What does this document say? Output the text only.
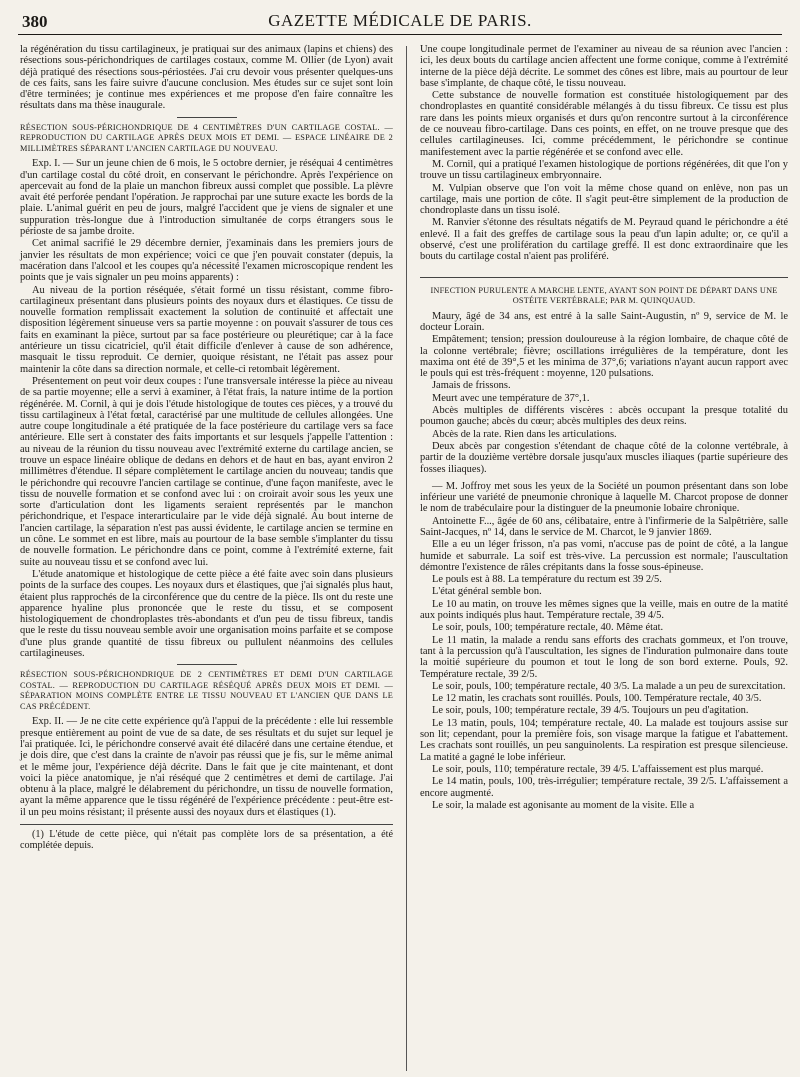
380	GAZETTE MÉDICALE DE PARIS.

la régénération du tissu cartilagineux, je pratiquai sur des animaux (lapins et chiens) des résections sous-périchondriques de cartilages costaux, comme M. Ollier (de Lyon) avait déjà pratiqué des résections sous-périostées. J'ai cru devoir vous présenter quelques-uns de ces faits, sans les faire suivre d'aucune conclusion. Mes études sur ce sujet sont loin d'être terminées; je continue mes expériences et me propose d'en faire connaître les résultats dans ma thèse inaugurale.

RÉSECTION SOUS-PÉRICHONDRIQUE DE 4 CENTIMÈTRES D'UN CARTILAGE COSTAL. — REPRODUCTION DU CARTILAGE APRÈS DEUX MOIS ET DEMI. — ESPACE LINÉAIRE DE 2 MILLIMÈTRES SÉPARANT L'ANCIEN CARTILAGE DU NOUVEAU.

Exp. I. — Sur un jeune chien de 6 mois, le 5 octobre dernier, je réséquai 4 centimètres d'un cartilage costal du côté droit, en conservant le périchondre. Après l'expérience on apercevait au fond de la plaie un manchon fibreux aussi complet que possible. La plèvre avait été perforée pendant l'opération. Je rapprochai par une suture exacte les bords de la plaie. L'animal guérit en peu de jours, malgré l'accident que je viens de signaler et une suppuration très-longue due à l'introduction simultanée de corps étrangers sous le périoste de sa jambe droite.

Cet animal sacrifié le 29 décembre dernier, j'examinais dans les premiers jours de janvier les résultats de mon expérience; voici ce que j'en pouvait constater (depuis, la macération dans l'alcool et les coupes qu'a nécessité l'examen microscopique rendent les points que je vais signaler un peu moins apparents) :

Au niveau de la portion réséquée, s'était formé un tissu résistant, comme fibro-cartilagineux présentant dans plusieurs points des noyaux durs et élastiques. Ce tissu de nouvelle formation remplissait exactement la solution de continuité et affectait une disposition légèrement sinueuse vers sa partie moyenne : on pouvait s'assurer de tous ces faits en examinant la pièce, surtout par sa face postérieure ou pleurétique; car à la face antérieure un tissu cicatriciel, qu'il était difficile d'enlever à cause de son adhérence, masquait le tissu reproduit. Ce dernier, quoique résistant, ne l'était pas assez pour maintenir la côte dans sa direction normale, et celle-ci retombait légèrement.

Présentement on peut voir deux coupes : l'une transversale intéresse la pièce au niveau de sa partie moyenne; elle a servi à examiner, à l'état frais, la nature intime de la portion régénérée. M. Cornil, à qui je dois l'étude histologique de toutes ces pièces, y a trouvé du tissu cartilagineux à l'état fœtal, caractérisé par une multitude de cellules allongées. Une autre coupe longitudinale a été pratiquée de la face postérieure du cartilage vers sa face antérieure. Elle sert à constater des faits importants et sur lesquels j'appelle l'attention : au niveau de la réunion du tissu nouveau avec l'extrémité externe du cartilage ancien, se trouve un espace linéaire oblique de dedans en dehors et de haut en bas, ayant environ 2 millimètres d'étendue. Il sépare complètement le cartilage ancien du nouveau; tandis que le périchondre qui recouvre l'ancien cartilage se continue, d'une façon manifeste, avec le tissu de nouvelle formation et se confond avec lui : on croirait avoir sous les yeux une sorte d'articulation dont les ligaments seraient représentés par le manchon périchondrique, et l'espace interarticulaire par le vide déjà signalé. Au bout interne de l'ancien cartilage, la séparation n'est pas aussi évidente, le cartilage ancien se termine en un cône. Le sommet en est libre, mais au pourtour de la base semble s'implanter du tissu de nouvelle formation. Le périchondre dans ce point, comme à l'extrémité externe, fait suite au nouveau tissu et se confond avec lui.

L'étude anatomique et histologique de cette pièce a été faite avec soin dans plusieurs points de la surface des coupes. Les noyaux durs et élastiques, que j'ai signalés plus haut, étaient plus rapprochés de la circonférence que du centre de la pièce. Ils ont du reste une apparence hyaline plus prononcée que le reste du tissu, et se composent histologiquement de chondroplastes très-abondants et d'un peu de tissu fibreux, tandis que le reste du tissu nouveau semble avoir une organisation moins parfaite et se compose d'une plus grande quantité de tissu fibreux ou pullulent néanmoins des cellules cartilagineuses.

RÉSECTION SOUS-PÉRICHONDRIQUE DE 2 CENTIMÈTRES ET DEMI D'UN CARTILAGE COSTAL. — REPRODUCTION DU CARTILAGE RÉSÉQUÉ APRÈS DEUX MOIS ET DEMI. — SÉPARATION MOINS COMPLÈTE ENTRE LE TISSU NOUVEAU ET L'ANCIEN QUE DANS LE CAS PRÉCÉDENT.

Exp. II. — Je ne cite cette expérience qu'à l'appui de la précédente : elle lui ressemble presque entièrement au point de vue de sa date, de ses résultats et du sujet sur lequel je l'ai pratiquée. Ici, le périchondre conservé avait été dilacéré dans une certaine étendue, et je dois dire, que c'est dans la crainte de n'avoir pas réussi que je fis, sur le même animal et le même jour, l'expérience déjà décrite. Dans le fait que je cite maintenant, et dont voici la pièce anatomique, je n'ai réséqué que 2 centimètres et demi de cartilage. J'ai obtenu à la place, malgré le délabrement du périchondre, un tissu de nouvelle formation, ayant la même apparence que le tissu régénéré de l'expérience précédente : peut-être est-il un peu moins résistant; il présente aussi des noyaux durs et élastiques (1).

(1) L'étude de cette pièce, qui n'était pas complète lors de sa présentation, a été complétée depuis.

Une coupe longitudinale permet de l'examiner au niveau de sa réunion avec l'ancien : ici, les deux bouts du cartilage ancien affectent une forme conique, comme à l'extrémité interne de la pièce déjà décrite. Le sommet des cônes est libre, mais au pourtour de leur base s'implante, de chaque côté, le tissu nouveau.

Cette substance de nouvelle formation est constituée histologiquement par des chondroplastes en quantité considérable mélangés à du tissu fibreux. Ce tissu est plus rare dans les points mieux organisés et durs qu'on rencontre surtout à la circonférence de ce nouveau fibro-cartilage. Dans ces points, en effet, on ne trouve presque que des cellules cartilagineuses. Ici, comme précédemment, le périchondre se continue manifestement avec la partie régénérée et se confond avec elle.

M. Cornil, qui a pratiqué l'examen histologique de portions régénérées, dit que l'on y trouve un tissu cartilagineux embryonnaire.

M. Vulpian observe que l'on voit la même chose quand on enlève, non pas un cartilage, mais une portion de côte. Il s'agit peut-être simplement de la production de chondroplaste dans un tissu isolé.

M. Ranvier s'étonne des résultats négatifs de M. Peyraud quand le périchondre a été enlevé. Il a fait des greffes de cartilage sous la peau d'un lapin adulte; or, ce qu'il a observé, c'est une prolifération du cartilage greffé. Il est donc extraordinaire que les bouts du cartilage costal n'aient pas proliféré.

INFECTION PURULENTE A MARCHE LENTE, AYANT SON POINT DE DÉPART DANS UNE OSTÉITE VERTÉBRALE; PAR M. QUINQUAUD.

Maury, âgé de 34 ans, est entré à la salle Saint-Augustin, nº 9, service de M. le docteur Lorain.

Empâtement; tension; pression douloureuse à la région lombaire, de chaque côté de la colonne vertébrale; fièvre; oscillations irrégulières de la température, dont les maxima ont été de 39°,5 et les minima de 37°,6; variations n'ayant aucun rapport avec le pouls qui est très-fréquent : moyenne, 120 pulsations.

Jamais de frissons.

Meurt avec une température de 37°,1.

Abcès multiples de différents viscères : abcès occupant la presque totalité du poumon gauche; abcès du cœur; abcès multiples des deux reins.

Abcès de la rate. Rien dans les articulations.

Deux abcès par congestion s'étendant de chaque côté de la colonne vertébrale, à partir de la douzième vertèbre dorsale jusqu'aux muscles iliaques (partie supérieure des fosses iliaques).

— M. Joffroy met sous les yeux de la Société un poumon présentant dans son lobe inférieur une variété de pneumonie chronique à laquelle M. Charcot propose de donner le nom de trabéculaire pour la distinguer de la pneumonie lobaire chronique.

Antoinette F..., âgée de 60 ans, célibataire, entre à l'infirmerie de la Salpêtrière, salle Saint-Jacques, nº 14, dans le service de M. Charcot, le 9 janvier 1869.

Elle a eu un léger frisson, n'a pas vomi, n'accuse pas de point de côté, a la langue humide et saburrale. La soif est très-vive. La percussion est normale; l'auscultation démontre l'existence de râles crépitants dans la fosse sous-épineuse.

Le pouls est à 88. La température du rectum est 39 2/5.

L'état général semble bon.

Le 10 au matin, on trouve les mêmes signes que la veille, mais en outre de la matité aux points indiqués plus haut. Température rectale, 39 4/5.

Le soir, pouls, 100; température rectale, 40. Même état.

Le 11 matin, la malade a rendu sans efforts des crachats gommeux, et l'on trouve, tant à la percussion qu'à l'auscultation, les signes de l'induration pulmonaire dans toute la moitié supérieure du poumon et tout le long de son bord externe. Pouls, 92. Température rectale, 39 2/5.

Le soir, pouls, 100; température rectale, 40 3/5. La malade a un peu de surexcitation.

Le 12 matin, les crachats sont rouillés. Pouls, 100. Température rectale, 40 3/5.

Le soir, pouls, 100; température rectale, 39 4/5. Toujours un peu d'agitation.

Le 13 matin, pouls, 104; température rectale, 40. La malade est toujours assise sur son lit; cependant, pour la première fois, son visage marque la fatigue et l'abattement. Les crachats sont rouillés, un peu sanguinolents. La respiration est presque silencieuse. La matité a gagné le lobe inférieur.

Le soir, pouls, 110; température rectale, 39 4/5. L'affaissement est plus marqué.

Le 14 matin, pouls, 100, très-irrégulier; température rectale, 39 2/5. L'affaissement a encore augmenté.

Le soir, la malade est agonisante au moment de la visite. Elle a
